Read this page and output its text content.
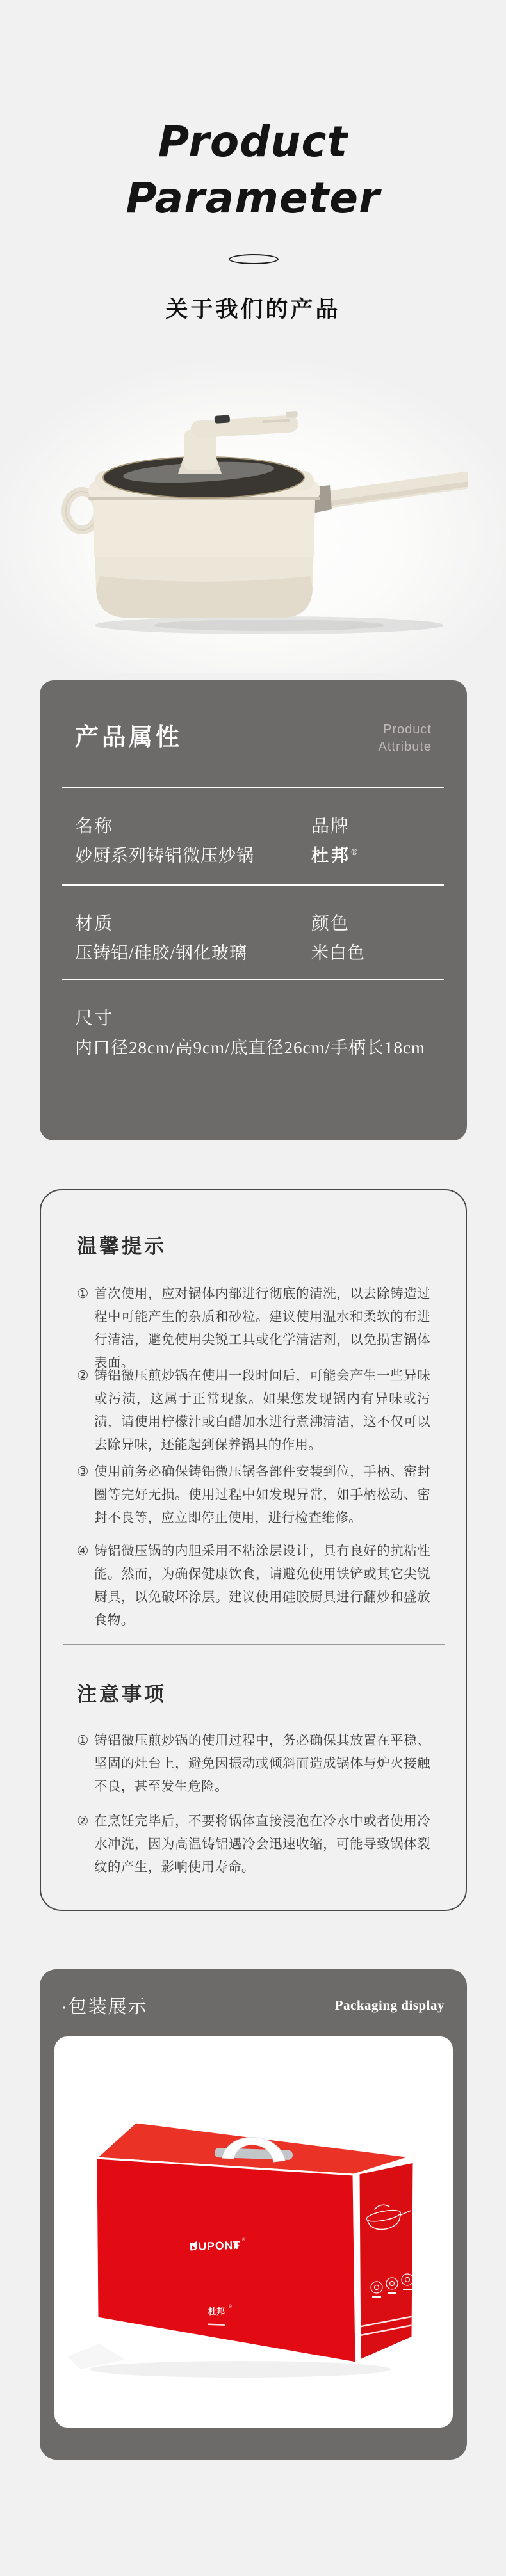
Product
Parameter
关于我们的产品
产品属性	Product
Attribute
名称
妙厨系列铸铝微压炒锅
品牌
杜邦®
材质
压铸铝/硅胶/钢化玻璃
颜色
米白色
尺寸
内口径28cm/高9cm/底直径26cm/手柄长18cm
温馨提示
① 首次使用，应对锅体内部进行彻底的清洗，以去除铸造过程中可能产生的杂质和砂粒。建议使用温水和柔软的布进行清洁，避免使用尖锐工具或化学清洁剂，以免损害锅体表面。
② 铸铝微压煎炒锅在使用一段时间后，可能会产生一些异味或污渍，这属于正常现象。如果您发现锅内有异味或污渍，请使用柠檬汁或白醋加水进行煮沸清洁，这不仅可以去除异味，还能起到保养锅具的作用。
③ 使用前务必确保铸铝微压锅各部件安装到位，手柄、密封圈等完好无损。使用过程中如发现异常，如手柄松动、密封不良等，应立即停止使用，进行检查维修。
④ 铸铝微压锅的内胆采用不粘涂层设计，具有良好的抗粘性能。然而，为确保健康饮食，请避免使用铁铲或其它尖锐厨具，以免破坏涂层。建议使用硅胶厨具进行翻炒和盛放食物。
注意事项
① 铸铝微压煎炒锅的使用过程中，务必确保其放置在平稳、坚固的灶台上，避免因振动或倾斜而造成锅体与炉火接触不良，甚至发生危险。
② 在烹饪完毕后，不要将锅体直接浸泡在冷水中或者使用冷水冲洗，因为高温铸铝遇冷会迅速收缩，可能导致锅体裂纹的产生，影响使用寿命。
·包装展示	Packaging display
DUPONT ®
杜邦 ®
